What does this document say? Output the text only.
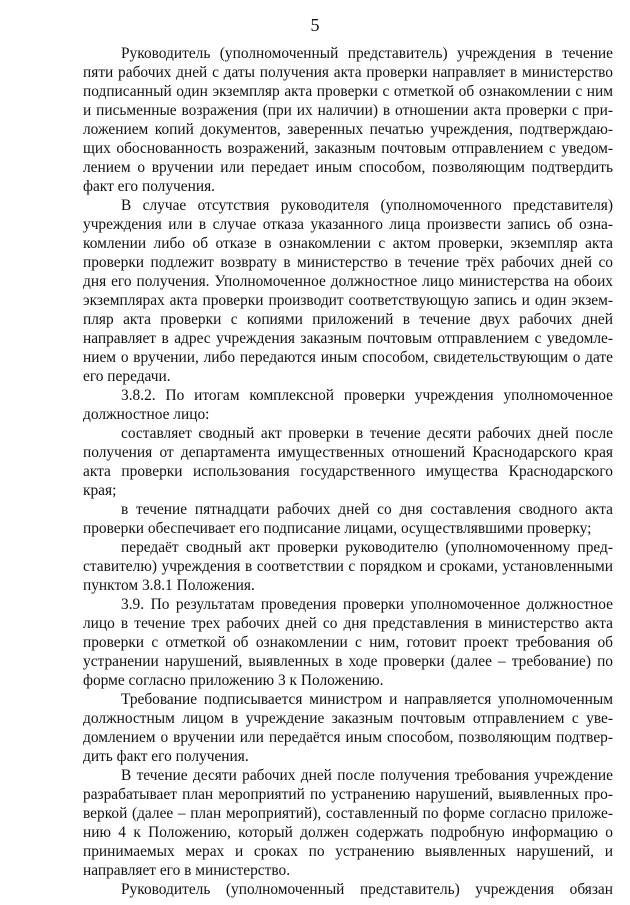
5
Руководитель (уполномоченный представитель) учреждения в течение
пяти рабочих дней с даты получения акта проверки направляет в министерство
подписанный один экземпляр акта проверки с отметкой об ознакомлении с ним
и письменные возражения (при их наличии) в отношении акта проверки с при-
ложением копий документов, заверенных печатью учреждения, подтверждаю-
щих обоснованность возражений, заказным почтовым отправлением с уведом-
лением о вручении или передает иным способом, позволяющим подтвердить
факт его получения.
В случае отсутствия руководителя (уполномоченного представителя)
учреждения или в случае отказа указанного лица произвести запись об озна-
комлении либо об отказе в ознакомлении с актом проверки, экземпляр акта
проверки подлежит возврату в министерство в течение трёх рабочих дней со
дня его получения. Уполномоченное должностное лицо министерства на обоих
экземплярах акта проверки производит соответствующую запись и один экзем-
пляр акта проверки с копиями приложений в течение двух рабочих дней
направляет в адрес учреждения заказным почтовым отправлением с уведомле-
нием о вручении, либо передаются иным способом, свидетельствующим о дате
его передачи.
3.8.2. По итогам комплексной проверки учреждения уполномоченное
должностное лицо:
составляет сводный акт проверки в течение десяти рабочих дней после
получения от департамента имущественных отношений Краснодарского края
акта проверки использования государственного имущества Краснодарского
края;
в течение пятнадцати рабочих дней со дня составления сводного акта
проверки обеспечивает его подписание лицами, осуществлявшими проверку;
передаёт сводный акт проверки руководителю (уполномоченному пред-
ставителю) учреждения в соответствии с порядком и сроками, установленными
пунктом 3.8.1 Положения.
3.9. По результатам проведения проверки уполномоченное должностное
лицо в течение трех рабочих дней со дня представления в министерство акта
проверки с отметкой об ознакомлении с ним, готовит проект требования об
устранении нарушений, выявленных в ходе проверки (далее – требование) по
форме согласно приложению 3 к Положению.
Требование подписывается министром и направляется уполномоченным
должностным лицом в учреждение заказным почтовым отправлением с уве-
домлением о вручении или передаётся иным способом, позволяющим подтвер-
дить факт его получения.
В течение десяти рабочих дней после получения требования учреждение
разрабатывает план мероприятий по устранению нарушений, выявленных про-
веркой (далее – план мероприятий), составленный по форме согласно приложе-
нию 4 к Положению, который должен содержать подробную информацию о
принимаемых мерах и сроках по устранению выявленных нарушений, и
направляет его в министерство.
Руководитель (уполномоченный представитель) учреждения обязан
